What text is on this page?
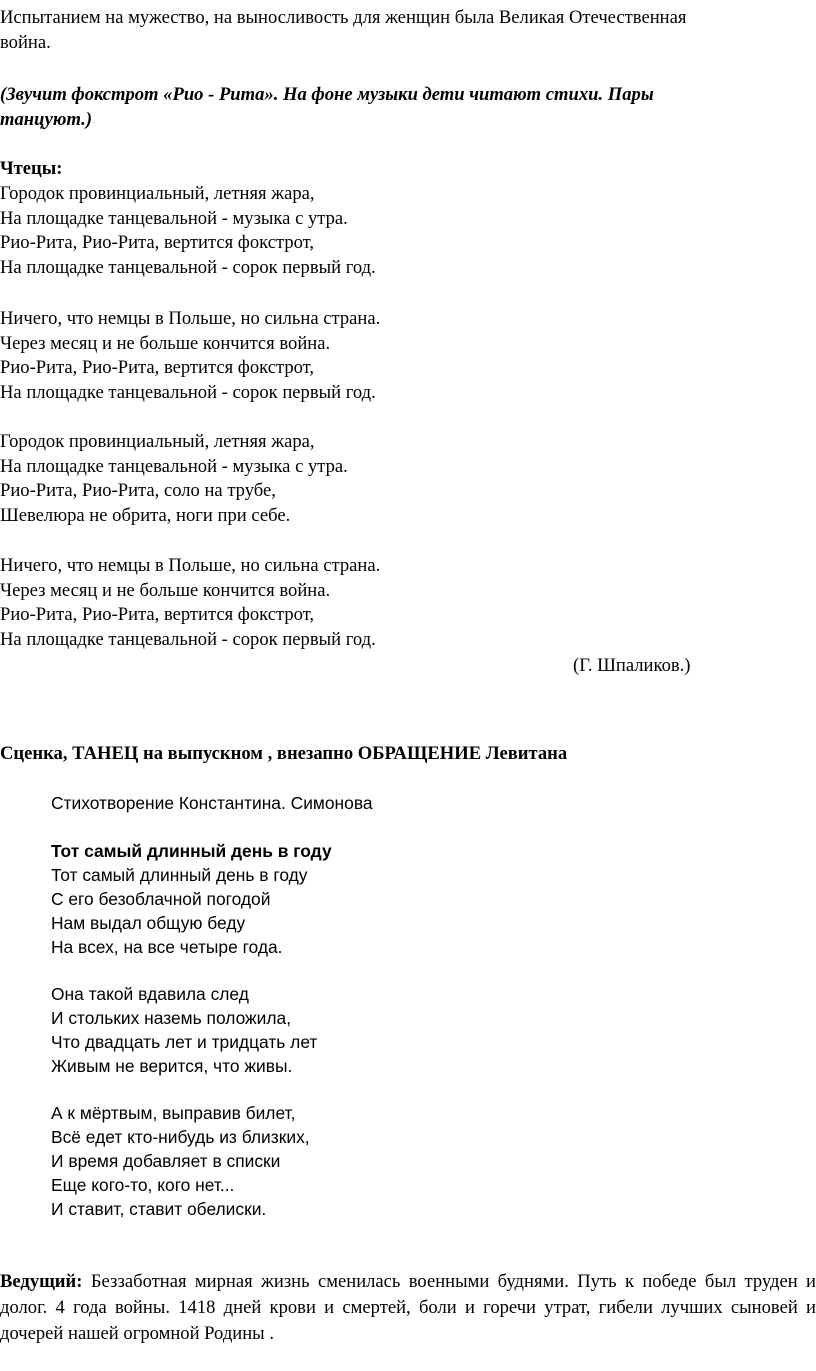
Испытанием на мужество, на выносливость для женщин была Великая Отечественная
война.
(Звучит фокстрот «Рио - Рита». На фоне музыки дети читают стихи. Пары
танцуют.)
Чтецы:
Городок провинциальный, летняя жара,
На площадке танцевальной - музыка с утра.
Рио-Рита, Рио-Рита, вертится фокстрот,
На площадке танцевальной - сорок первый год.
Ничего, что немцы в Польше, но сильна страна.
Через месяц и не больше кончится война.
Рио-Рита, Рио-Рита, вертится фокстрот,
На площадке танцевальной - сорок первый год.
Городок провинциальный, летняя жара,
На площадке танцевальной - музыка с утра.
Рио-Рита, Рио-Рита, соло на трубе,
Шевелюра не обрита, ноги при себе.
Ничего, что немцы в Польше, но сильна страна.
Через месяц и не больше кончится война.
Рио-Рита, Рио-Рита, вертится фокстрот,
На площадке танцевальной - сорок первый год.
(Г. Шпаликов.)
Сценка, ТАНЕЦ на выпускном , внезапно ОБРАЩЕНИЕ Левитана
Стихотворение Константина. Симонова
Тот самый длинный день в году
Тот самый длинный день в году
С его безоблачной погодой
Нам выдал общую беду
На всех, на все четыре года.
Она такой вдавила след
И стольких наземь положила,
Что двадцать лет и тридцать лет
Живым не верится, что живы.
А к мёртвым, выправив билет,
Всё едет кто-нибудь из близких,
И время добавляет в списки
Еще кого-то, кого нет...
И ставит, ставит обелиски.
Ведущий: Беззаботная мирная жизнь сменилась военными буднями. Путь к победе был труден и долог. 4 года войны. 1418 дней крови и смертей, боли и горечи утрат, гибели лучших сыновей и дочерей нашей огромной Родины .
